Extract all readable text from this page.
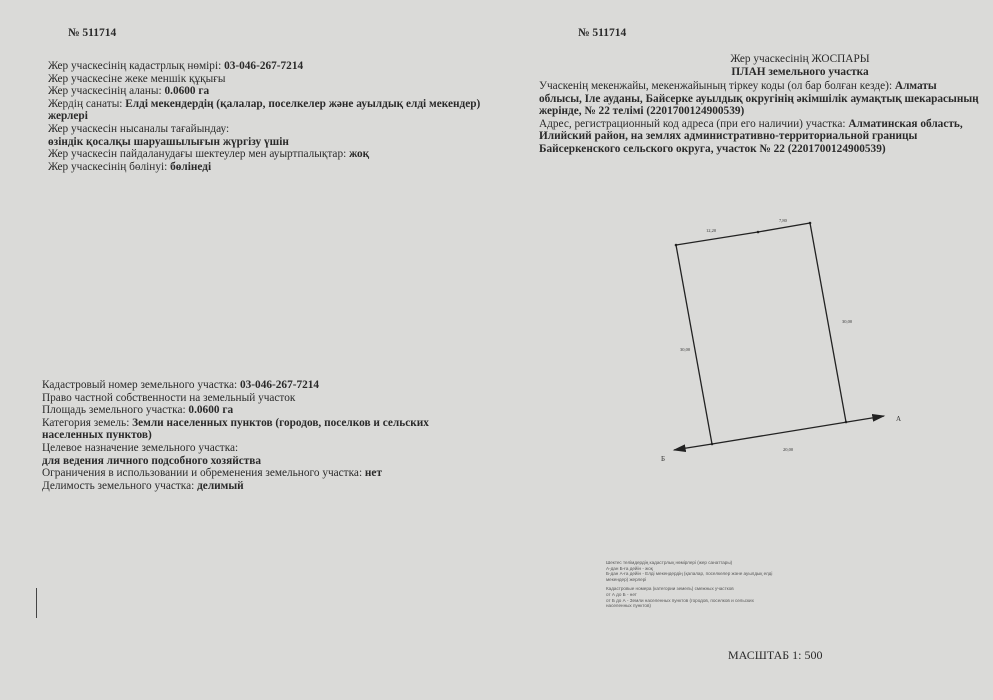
№ 511714
Жер учаскесінің кадастрлық нөмірі: 03-046-267-7214
Жер учаскесіне жеке меншік құқығы
Жер учаскесінің аланы: 0.0600 га
Жердің санаты: Елді мекендердің (қалалар, поселкелер және ауылдық елді мекендер) жерлері
Жер учаскесін нысаналы тағайындау:
өзіндік қосалқы шаруашылығын жүргізу үшін
Жер учаскесін пайдаланудағы шектеулер мен ауыртпалықтар: жоқ
Жер учаскесінің бөлінуі: бөлінеді
Кадастровый номер земельного участка: 03-046-267-7214
Право частной собственности на земельный участок
Площадь земельного участка: 0.0600 га
Категория земель: Земли населенных пунктов (городов, поселков и сельских населенных пунктов)
Целевое назначение земельного участка:
для ведения личного подсобного хозяйства
Ограничения в использовании и обременения земельного участка: нет
Делимость земельного участка: делимый
№ 511714
Жер учаскесінің ЖОСПАРЫ
ПЛАН земельного участка
Учаскенің мекенжайы, мекенжайының тіркеу коды (ол бар болған кезде): Алматы облысы, Іле ауданы, Байсерке ауылдық округінің әкімшілік аумақтық шекарасының жерінде, № 22 телімі (2201700124900539)
Адрес, регистрационный код адреса (при его наличии) участка: Алматинская область, Илийский район, на землях административно-территориальной границы Байсеркенского сельского округа, участок № 22 (2201700124900539)
12,20
7,80
30,00
30,00
20,00
А
Б
Шектес телімдердің кадастрлық нөмірлері (жер санаттары)
А-дан Б-ға дейін - жоқ
Б-дан А-ға дейін - Елді мекендердің (қалалар, поселкелер және ауылдық елді мекендер) жерлері
Кадастровые номера (категории земель) смежных участков
от А до Б - нет
от Б до А - Земли населенных пунктов (городов, поселков и сельских населенных пунктов)
МАСШТАБ 1: 500
